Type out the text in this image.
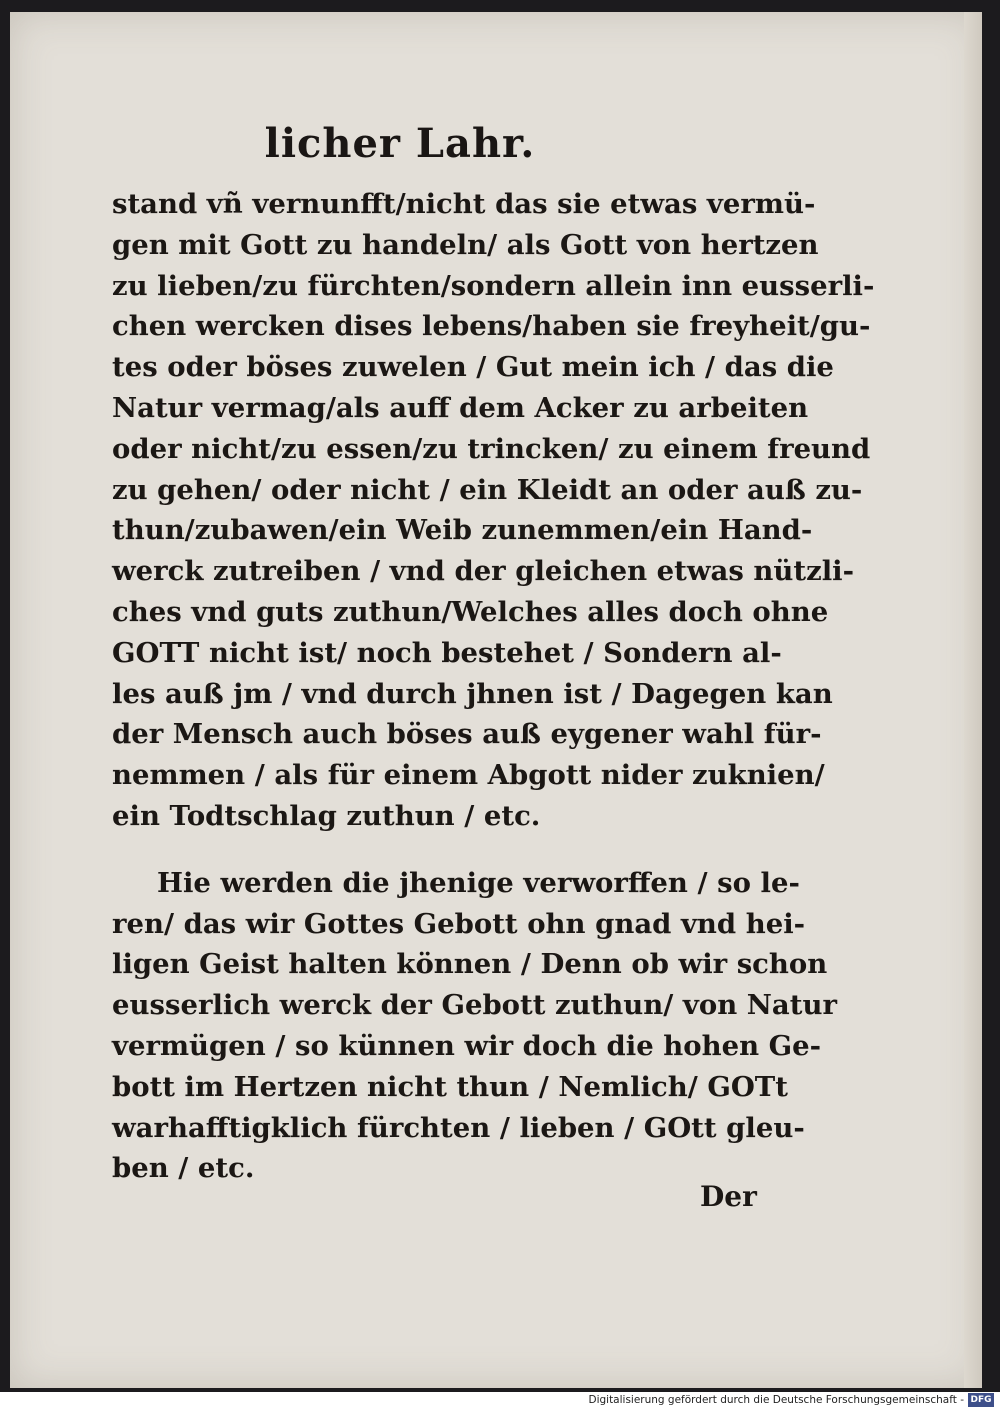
licher Lahr.
stand vñ vernunfft/nicht das sie etwas vermü-
gen mit Gott zu handeln/ als Gott von hertzen
zu lieben/zu fürchten/sondern allein inn eusserli-
chen wercken dises lebens/haben sie freyheit/gu-
tes oder böses zuwelen / Gut mein ich / das die
Natur vermag/als auff dem Acker zu arbeiten
oder nicht/zu essen/zu trincken/ zu einem freund
zu gehen/ oder nicht / ein Kleidt an oder auß zu-
thun/zubawen/ein Weib zunemmen/ein Hand-
werck zutreiben / vnd der gleichen etwas nützli-
ches vnd guts zuthun/Welches alles doch ohne
GOTT nicht ist/ noch bestehet / Sondern al-
les auß jm / vnd durch jhnen ist / Dagegen kan
der Mensch auch böses auß eygener wahl für-
nemmen / als für einem Abgott nider zuknien/
ein Todtschlag zuthun / etc.
Hie werden die jhenige verworffen / so le-
ren/ das wir Gottes Gebott ohn gnad vnd hei-
ligen Geist halten können / Denn ob wir schon
eusserlich werck der Gebott zuthun/ von Natur
vermügen / so künnen wir doch die hohen Ge-
bott im Hertzen nicht thun / Nemlich/ GOTt
warhafftigklich fürchten / lieben / GOtt gleu-
ben / etc.
Der
Digitalisierung gefördert durch die Deutsche Forschungsgemeinschaft - DFG
